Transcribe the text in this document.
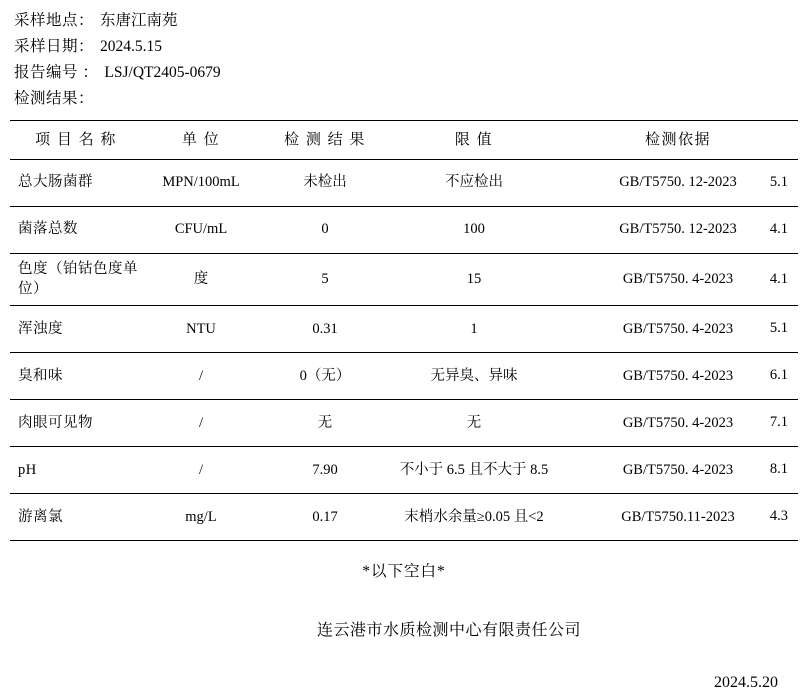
采样地点： 东唐江南苑
采样日期： 2024.5.15
报告编号 ： LSJ/QT2405-0679
检测结果：
项 目 名 称	单 位	检 测 结 果	限 值	检测依据
总大肠菌群	MPN/100mL	未检出	不应检出	GB/T5750. 12-2023 5.1

菌落总数	CFU/mL	0	100	GB/T5750. 12-2023 4.1

色度（铂钴色度单位）	度	5	15	GB/T5750. 4-2023 4.1

浑浊度	NTU	0.31	1	GB/T5750. 4-2023 5.1

臭和味	/	0（无）	无异臭、异味	GB/T5750. 4-2023 6.1

肉眼可见物	/	无	无	GB/T5750. 4-2023 7.1

pH	/	7.90	不小于 6.5 且不大于 8.5	GB/T5750. 4-2023 8.1

游离氯	mg/L	0.17	末梢水余量≥0.05 且<2	GB/T5750.11-2023 4.3
*以下空白*
连云港市水质检测中心有限责任公司
2024.5.20
